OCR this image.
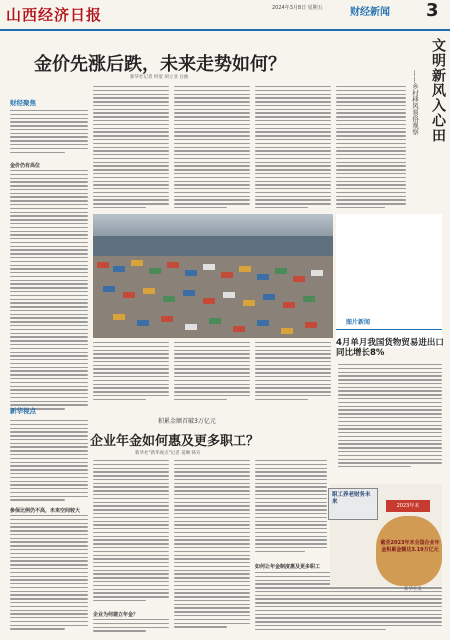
山西经济日报	2024年3月8日 星期五	财经新闻 3
金价先涨后跌，未来走势如何？
新华社记者 何宽 胡立亚 白曲
财经聚焦
金价仍有高位
文明新风入心田
——乡村移风易俗观察
图片新闻
4月单月我国货物贸易进出口同比增长8%
新华视点
积累金额首破3万亿元
企业年金如何惠及更多职工？
新华社"新华视点"记者 姜琳 韩垚
参保比例仍不高，未来空间较大
企业为何建立年金？
如何让年金制度惠及更多职工
职工养老财务未来
2023年末
截至2023年末全国企业年金积累金额达3.19万亿元
新华社发
